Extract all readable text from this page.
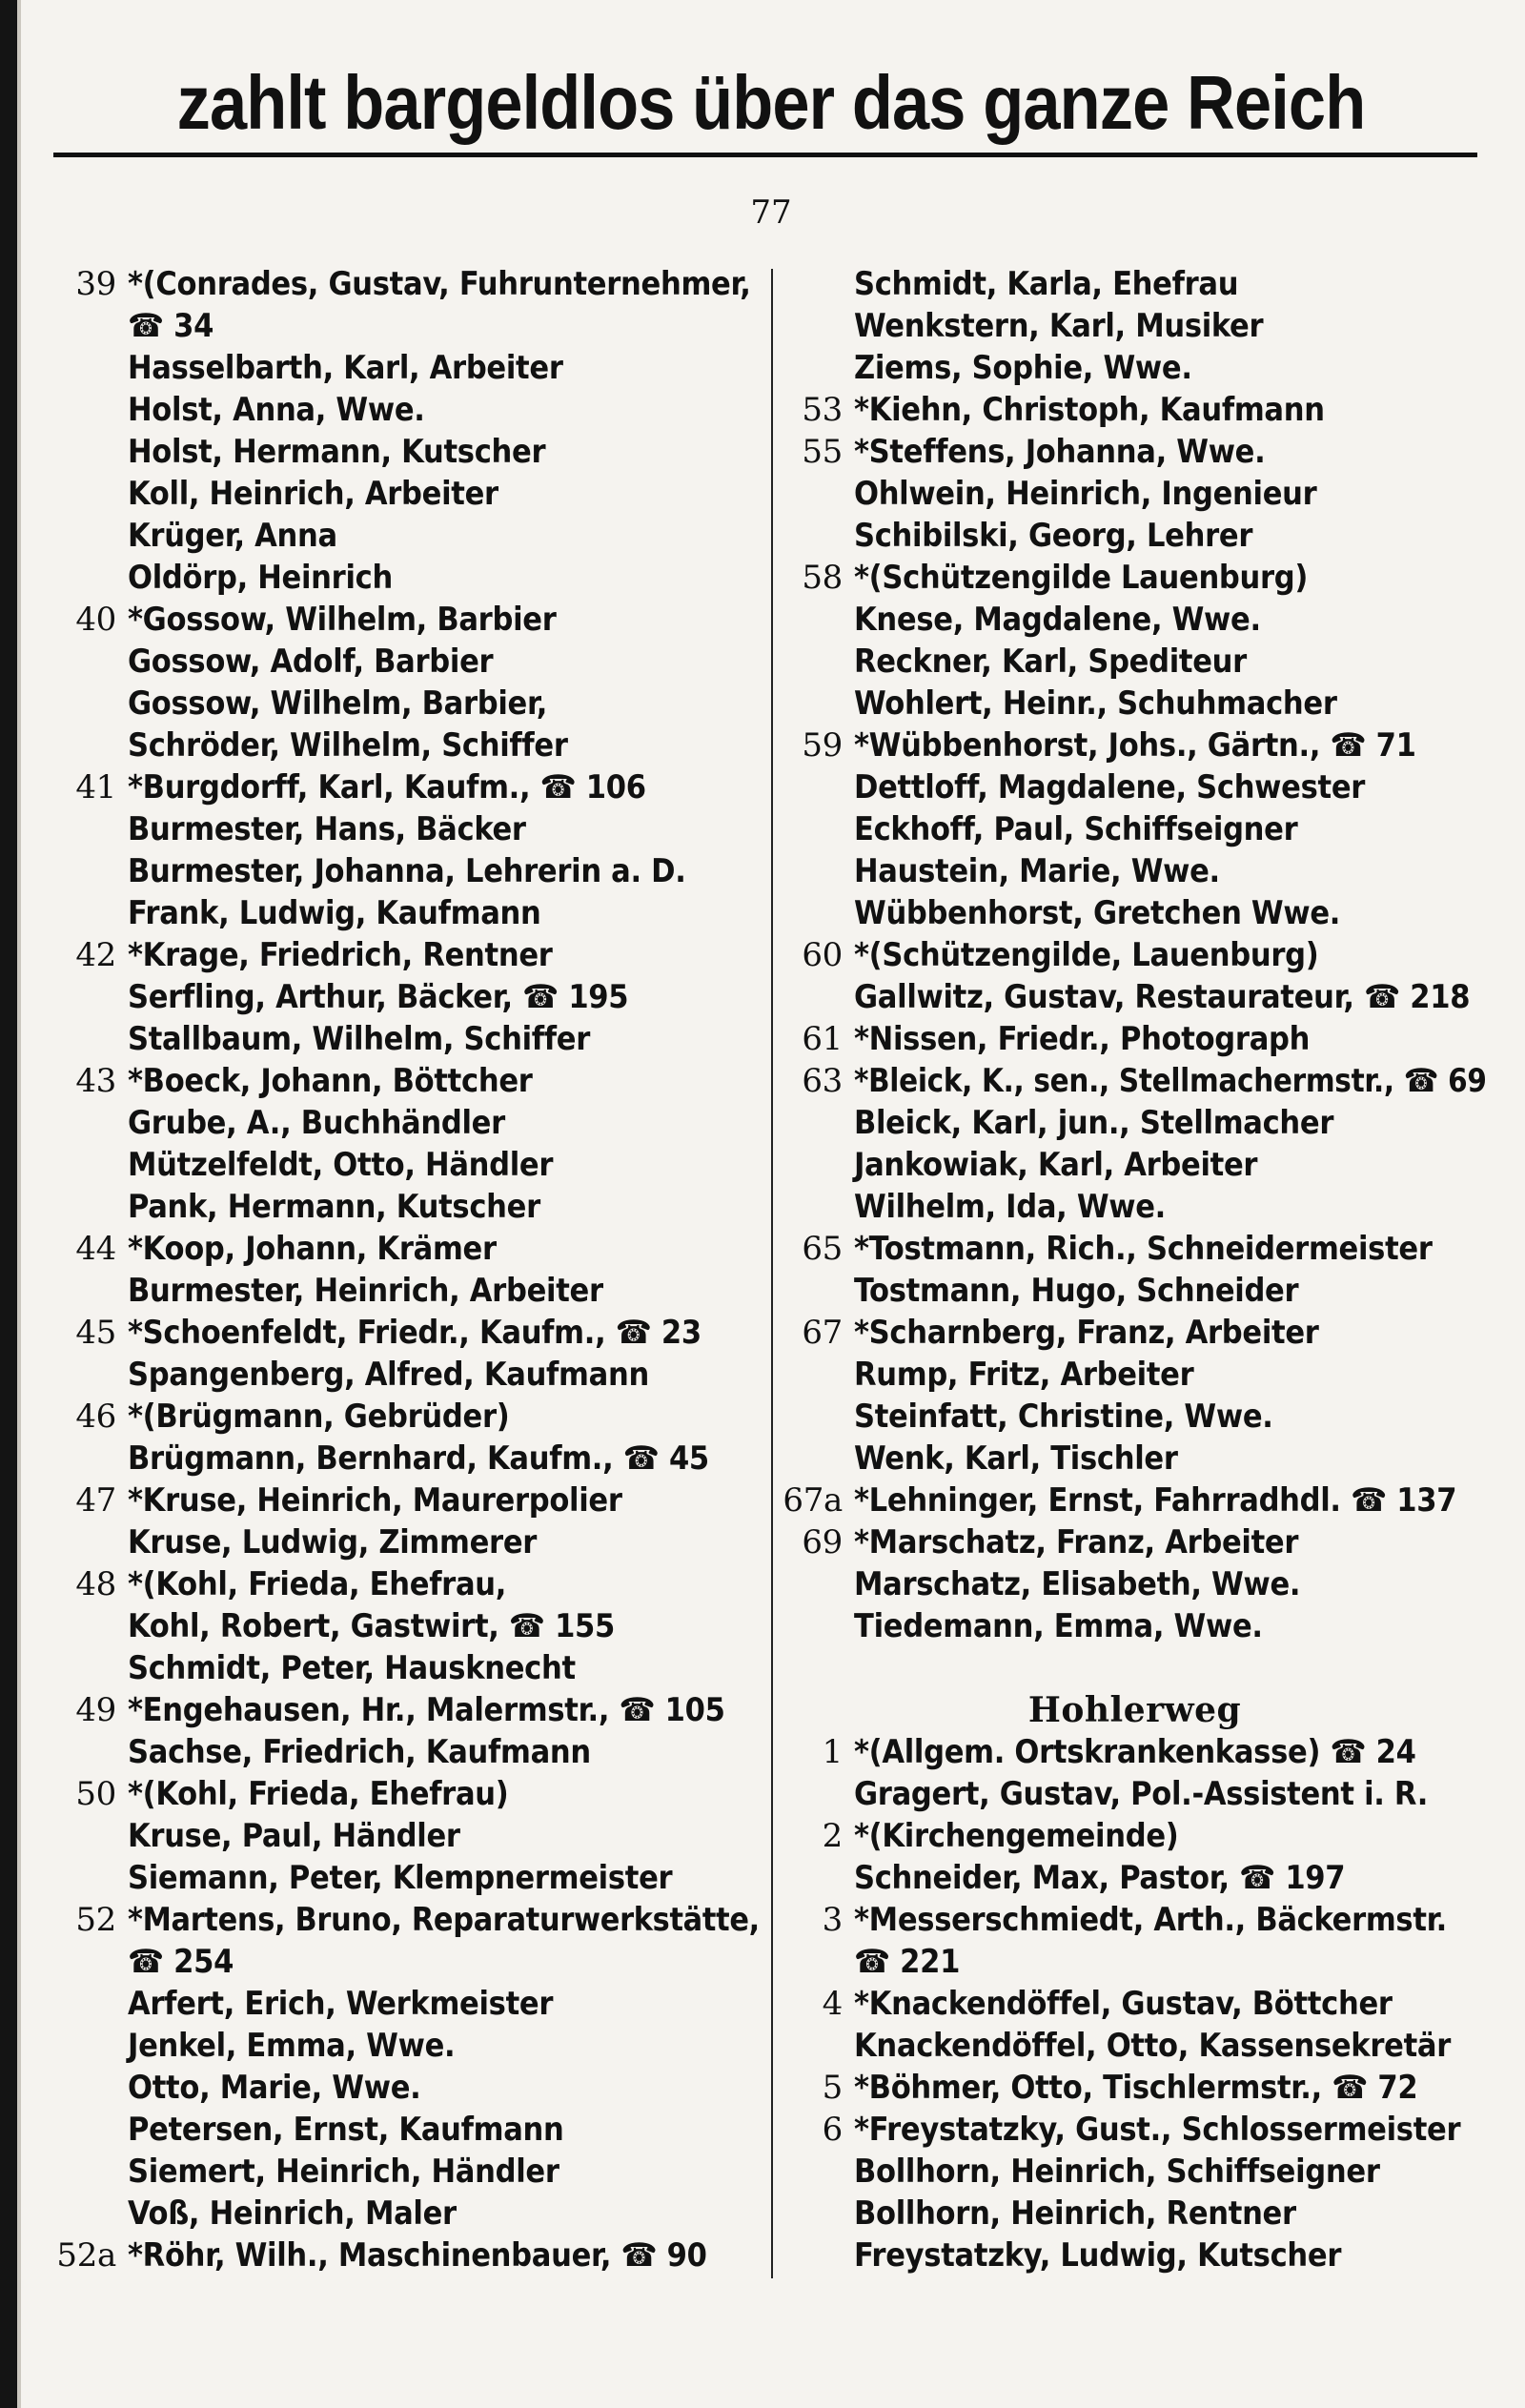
zahlt bargeldlos über das ganze Reich
77
39 *(Conrades, Gustav, Fuhrunternehmer,
☎ 34
Hasselbarth, Karl, Arbeiter
Holst, Anna, Wwe.
Holst, Hermann, Kutscher
Koll, Heinrich, Arbeiter
Krüger, Anna
Oldörp, Heinrich
40 *Gossow, Wilhelm, Barbier
Gossow, Adolf, Barbier
Gossow, Wilhelm, Barbier,
Schröder, Wilhelm, Schiffer
41 *Burgdorff, Karl, Kaufm., ☎ 106
Burmester, Hans, Bäcker
Burmester, Johanna, Lehrerin a. D.
Frank, Ludwig, Kaufmann
42 *Krage, Friedrich, Rentner
Serfling, Arthur, Bäcker, ☎ 195
Stallbaum, Wilhelm, Schiffer
43 *Boeck, Johann, Böttcher
Grube, A., Buchhändler
Mützelfeldt, Otto, Händler
Pank, Hermann, Kutscher
44 *Koop, Johann, Krämer
Burmester, Heinrich, Arbeiter
45 *Schoenfeldt, Friedr., Kaufm., ☎ 23
Spangenberg, Alfred, Kaufmann
46 *(Brügmann, Gebrüder)
Brügmann, Bernhard, Kaufm., ☎ 45
47 *Kruse, Heinrich, Maurerpolier
Kruse, Ludwig, Zimmerer
48 *(Kohl, Frieda, Ehefrau,
Kohl, Robert, Gastwirt, ☎ 155
Schmidt, Peter, Hausknecht
49 *Engehausen, Hr., Malermstr., ☎ 105
Sachse, Friedrich, Kaufmann
50 *(Kohl, Frieda, Ehefrau)
Kruse, Paul, Händler
Siemann, Peter, Klempnermeister
52 *Martens, Bruno, Reparaturwerkstätte,
☎ 254
Arfert, Erich, Werkmeister
Jenkel, Emma, Wwe.
Otto, Marie, Wwe.
Petersen, Ernst, Kaufmann
Siemert, Heinrich, Händler
Voß, Heinrich, Maler
52a *Röhr, Wilh., Maschinenbauer, ☎ 90
Schmidt, Karla, Ehefrau
Wenkstern, Karl, Musiker
Ziems, Sophie, Wwe.
53 *Kiehn, Christoph, Kaufmann
55 *Steffens, Johanna, Wwe.
Ohlwein, Heinrich, Ingenieur
Schibilski, Georg, Lehrer
58 *(Schützengilde Lauenburg)
Knese, Magdalene, Wwe.
Reckner, Karl, Spediteur
Wohlert, Heinr., Schuhmacher
59 *Wübbenhorst, Johs., Gärtn., ☎ 71
Dettloff, Magdalene, Schwester
Eckhoff, Paul, Schiffseigner
Haustein, Marie, Wwe.
Wübbenhorst, Gretchen Wwe.
60 *(Schützengilde, Lauenburg)
Gallwitz, Gustav, Restaurateur, ☎ 218
61 *Nissen, Friedr., Photograph
63 *Bleick, K., sen., Stellmachermstr., ☎ 69
Bleick, Karl, jun., Stellmacher
Jankowiak, Karl, Arbeiter
Wilhelm, Ida, Wwe.
65 *Tostmann, Rich., Schneidermeister
Tostmann, Hugo, Schneider
67 *Scharnberg, Franz, Arbeiter
Rump, Fritz, Arbeiter
Steinfatt, Christine, Wwe.
Wenk, Karl, Tischler
67a *Lehninger, Ernst, Fahrradhdl. ☎ 137
69 *Marschatz, Franz, Arbeiter
Marschatz, Elisabeth, Wwe.
Tiedemann, Emma, Wwe.
Hohlerweg
1 *(Allgem. Ortskrankenkasse) ☎ 24
Gragert, Gustav, Pol.-Assistent i. R.
2 *(Kirchengemeinde)
Schneider, Max, Pastor, ☎ 197
3 *Messerschmiedt, Arth., Bäckermstr.
☎ 221
4 *Knackendöffel, Gustav, Böttcher
Knackendöffel, Otto, Kassensekretär
5 *Böhmer, Otto, Tischlermstr., ☎ 72
6 *Freystatzky, Gust., Schlossermeister
Bollhorn, Heinrich, Schiffseigner
Bollhorn, Heinrich, Rentner
Freystatzky, Ludwig, Kutscher
